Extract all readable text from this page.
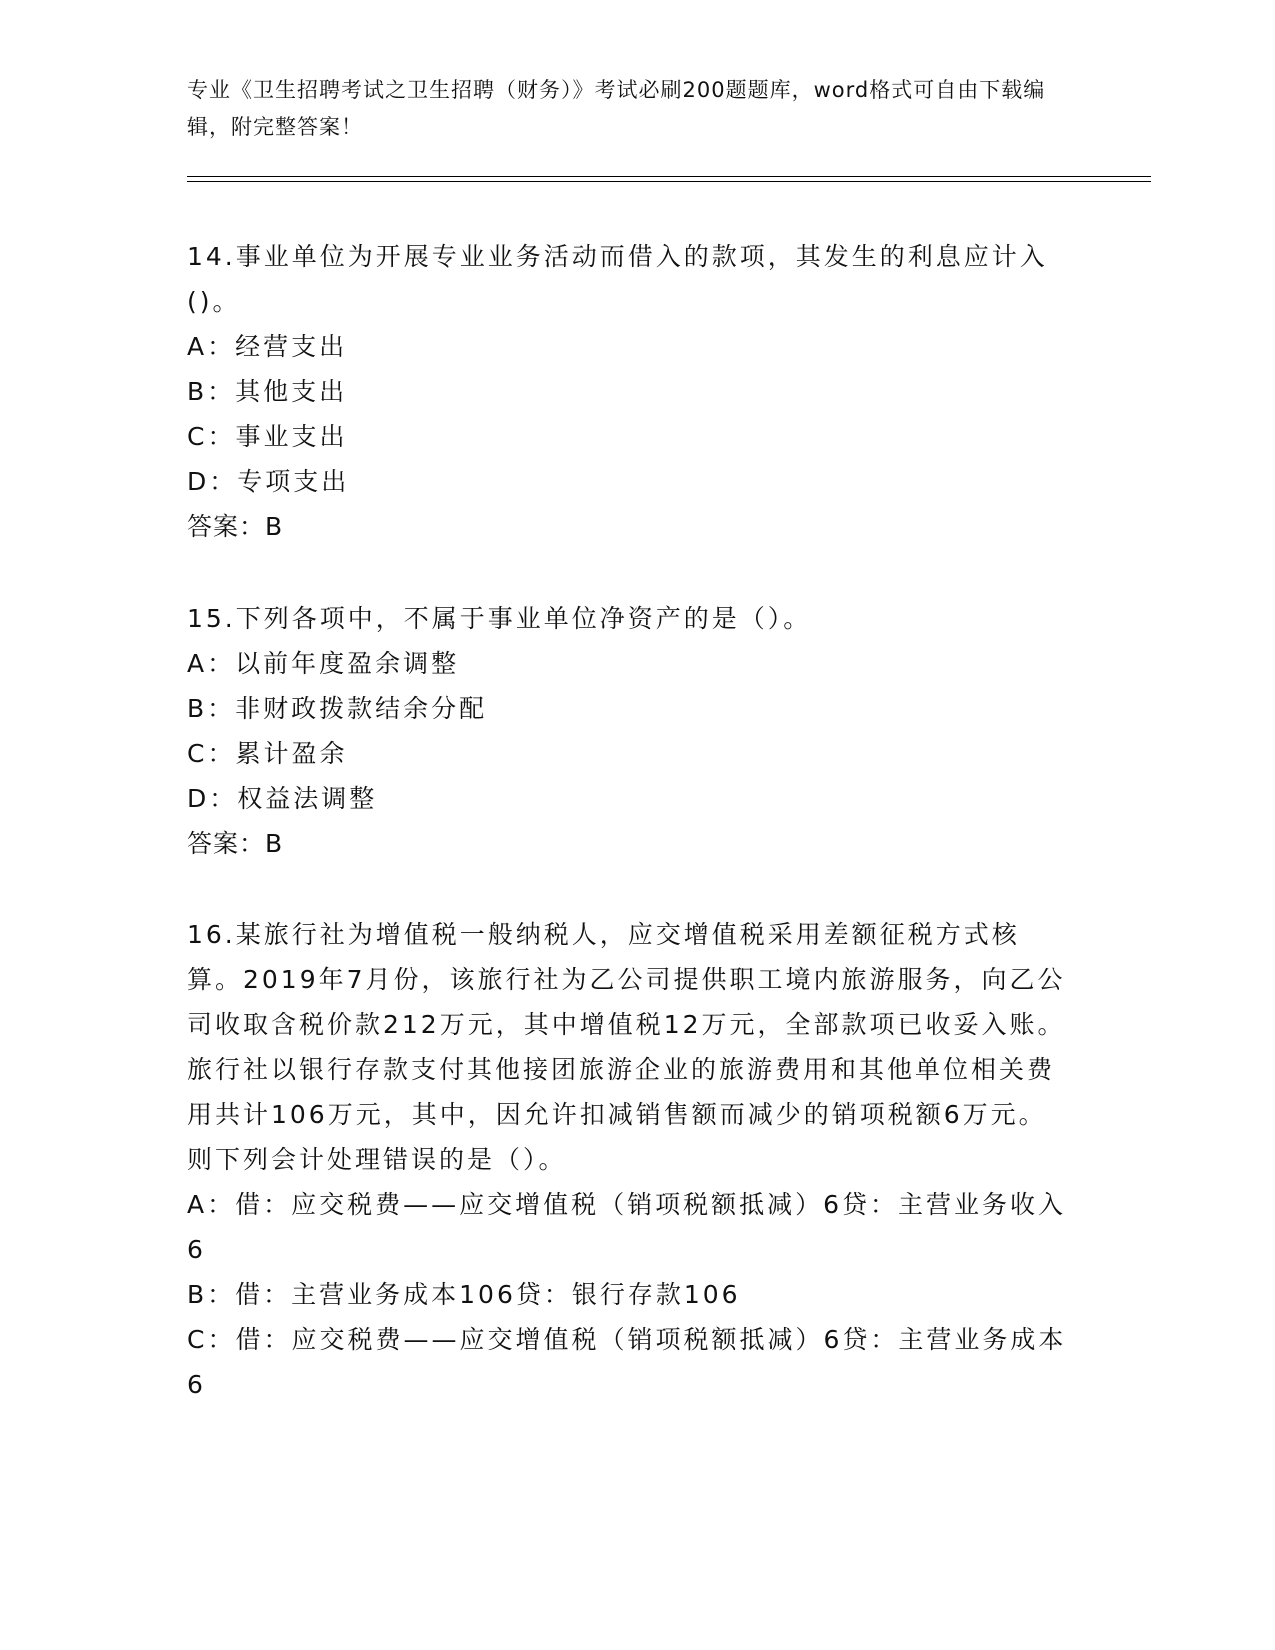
专业《卫生招聘考试之卫生招聘（财务）》考试必刷200题题库，word格式可自由下载编辑，附完整答案！
14.事业单位为开展专业业务活动而借入的款项，其发生的利息应计入()。
A：经营支出
B：其他支出
C：事业支出
D：专项支出
答案：B
15.下列各项中，不属于事业单位净资产的是（）。
A：以前年度盈余调整
B：非财政拨款结余分配
C：累计盈余
D：权益法调整
答案：B
16.某旅行社为增值税一般纳税人，应交增值税采用差额征税方式核算。2019年7月份，该旅行社为乙公司提供职工境内旅游服务，向乙公司收取含税价款212万元，其中增值税12万元，全部款项已收妥入账。旅行社以银行存款支付其他接团旅游企业的旅游费用和其他单位相关费用共计106万元，其中，因允许扣减销售额而减少的销项税额6万元。则下列会计处理错误的是（）。
A：借：应交税费——应交增值税（销项税额抵减）6贷：主营业务收入6
B：借：主营业务成本106贷：银行存款106
C：借：应交税费——应交增值税（销项税额抵减）6贷：主营业务成本6
